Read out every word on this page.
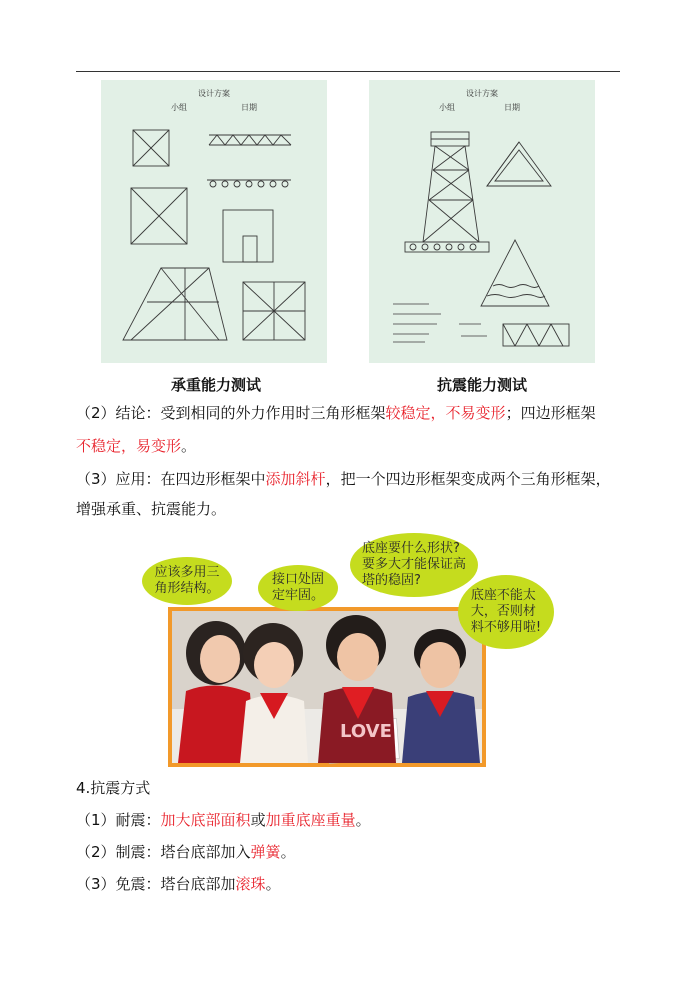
设计方案
小组	日期
设计方案
小组	日期
承重能力测试	抗震能力测试
（2）结论：受到相同的外力作用时三角形框架较稳定，不易变形；四边形框架
不稳定，易变形。
（3）应用：在四边形框架中添加斜杆，把一个四边形框架变成两个三角形框架，
增强承重、抗震能力。
LOVE
应该多用三
角形结构。
接口处固
定牢固。
底座要什么形状?
要多大才能保证高
塔的稳固?
底座不能太
大，否则材
料不够用啦!
4.抗震方式
（1）耐震：加大底部面积或加重底座重量。
（2）制震：塔台底部加入弹簧。
（3）免震：塔台底部加滚珠。
